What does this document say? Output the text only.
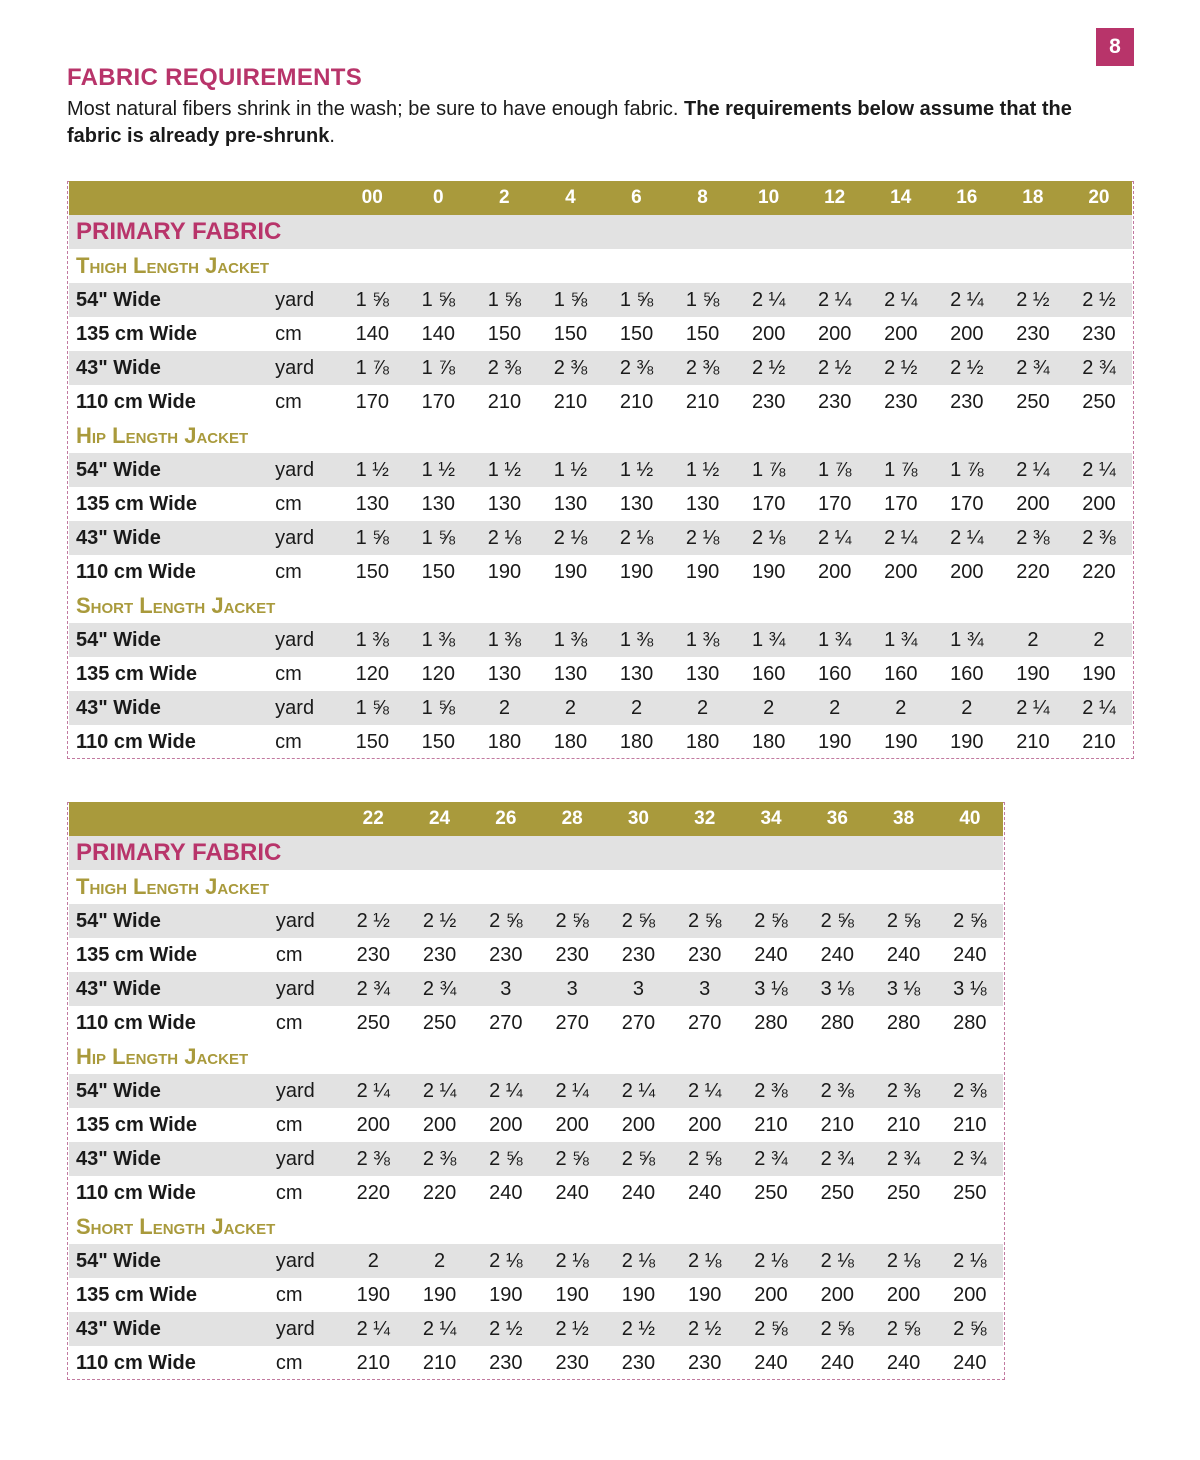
8
FABRIC REQUIREMENTS
Most natural fibers shrink in the wash; be sure to have enough fabric. The requirements below assume that the fabric is already pre-shrunk.
00	0	2	4	6	8	10	12	14	16	18	20
PRIMARY FABRIC
Thigh Length Jacket
54" Wide	yard	1 ⅝	1 ⅝	1 ⅝	1 ⅝	1 ⅝	1 ⅝	2 ¼	2 ¼	2 ¼	2 ¼	2 ½	2 ½
135 cm Wide	cm	140	140	150	150	150	150	200	200	200	200	230	230
43" Wide	yard	1 ⅞	1 ⅞	2 ⅜	2 ⅜	2 ⅜	2 ⅜	2 ½	2 ½	2 ½	2 ½	2 ¾	2 ¾
110 cm Wide	cm	170	170	210	210	210	210	230	230	230	230	250	250
Hip Length Jacket
54" Wide	yard	1 ½	1 ½	1 ½	1 ½	1 ½	1 ½	1 ⅞	1 ⅞	1 ⅞	1 ⅞	2 ¼	2 ¼
135 cm Wide	cm	130	130	130	130	130	130	170	170	170	170	200	200
43" Wide	yard	1 ⅝	1 ⅝	2 ⅛	2 ⅛	2 ⅛	2 ⅛	2 ⅛	2 ¼	2 ¼	2 ¼	2 ⅜	2 ⅜
110 cm Wide	cm	150	150	190	190	190	190	190	200	200	200	220	220
Short Length Jacket
54" Wide	yard	1 ⅜	1 ⅜	1 ⅜	1 ⅜	1 ⅜	1 ⅜	1 ¾	1 ¾	1 ¾	1 ¾	2	2
135 cm Wide	cm	120	120	130	130	130	130	160	160	160	160	190	190
43" Wide	yard	1 ⅝	1 ⅝	2	2	2	2	2	2	2	2	2 ¼	2 ¼
110 cm Wide	cm	150	150	180	180	180	180	180	190	190	190	210	210
22	24	26	28	30	32	34	36	38	40
PRIMARY FABRIC
Thigh Length Jacket
54" Wide	yard	2 ½	2 ½	2 ⅝	2 ⅝	2 ⅝	2 ⅝	2 ⅝	2 ⅝	2 ⅝	2 ⅝
135 cm Wide	cm	230	230	230	230	230	230	240	240	240	240
43" Wide	yard	2 ¾	2 ¾	3	3	3	3	3 ⅛	3 ⅛	3 ⅛	3 ⅛
110 cm Wide	cm	250	250	270	270	270	270	280	280	280	280
Hip Length Jacket
54" Wide	yard	2 ¼	2 ¼	2 ¼	2 ¼	2 ¼	2 ¼	2 ⅜	2 ⅜	2 ⅜	2 ⅜
135 cm Wide	cm	200	200	200	200	200	200	210	210	210	210
43" Wide	yard	2 ⅜	2 ⅜	2 ⅝	2 ⅝	2 ⅝	2 ⅝	2 ¾	2 ¾	2 ¾	2 ¾
110 cm Wide	cm	220	220	240	240	240	240	250	250	250	250
Short Length Jacket
54" Wide	yard	2	2	2 ⅛	2 ⅛	2 ⅛	2 ⅛	2 ⅛	2 ⅛	2 ⅛	2 ⅛
135 cm Wide	cm	190	190	190	190	190	190	200	200	200	200
43" Wide	yard	2 ¼	2 ¼	2 ½	2 ½	2 ½	2 ½	2 ⅝	2 ⅝	2 ⅝	2 ⅝
110 cm Wide	cm	210	210	230	230	230	230	240	240	240	240
